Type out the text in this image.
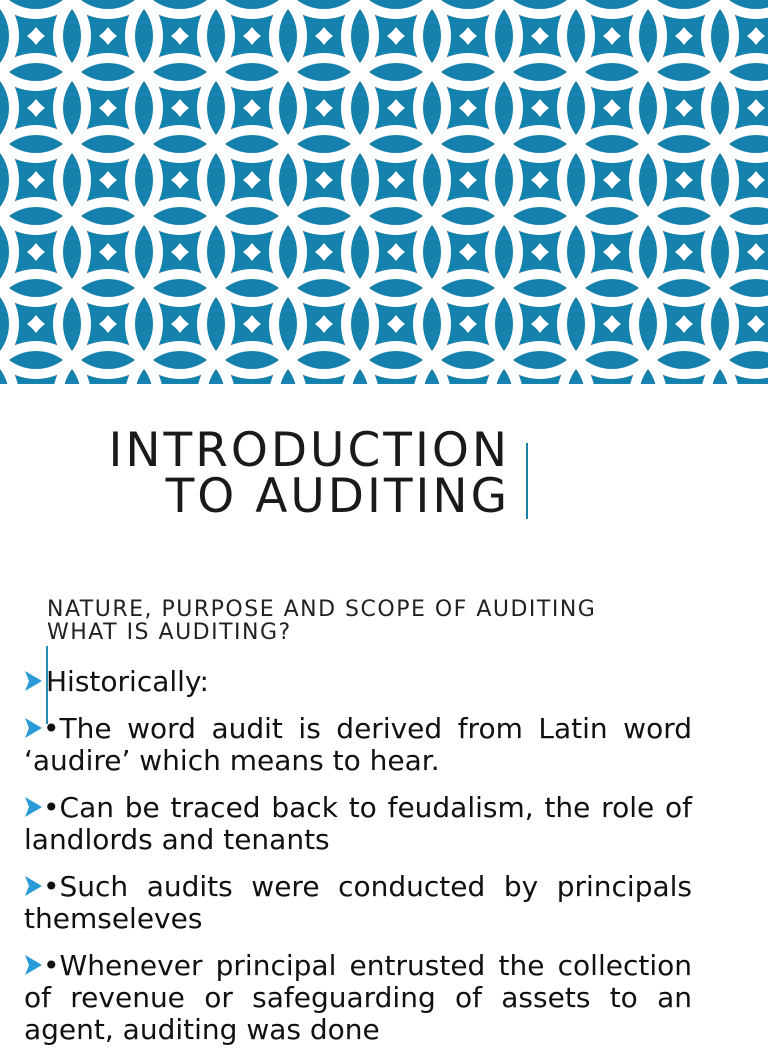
INTRODUCTION
TO AUDITING
NATURE, PURPOSE AND SCOPE OF AUDITING
WHAT IS AUDITING?
Historically:
•The word audit is derived from Latin word ‘audire’ which means to hear.
•Can be traced back to feudalism, the role of landlords and tenants
•Such audits were conducted by principals themseleves
•Whenever principal entrusted the collection of revenue or safeguarding of assets to an agent, auditing was done
